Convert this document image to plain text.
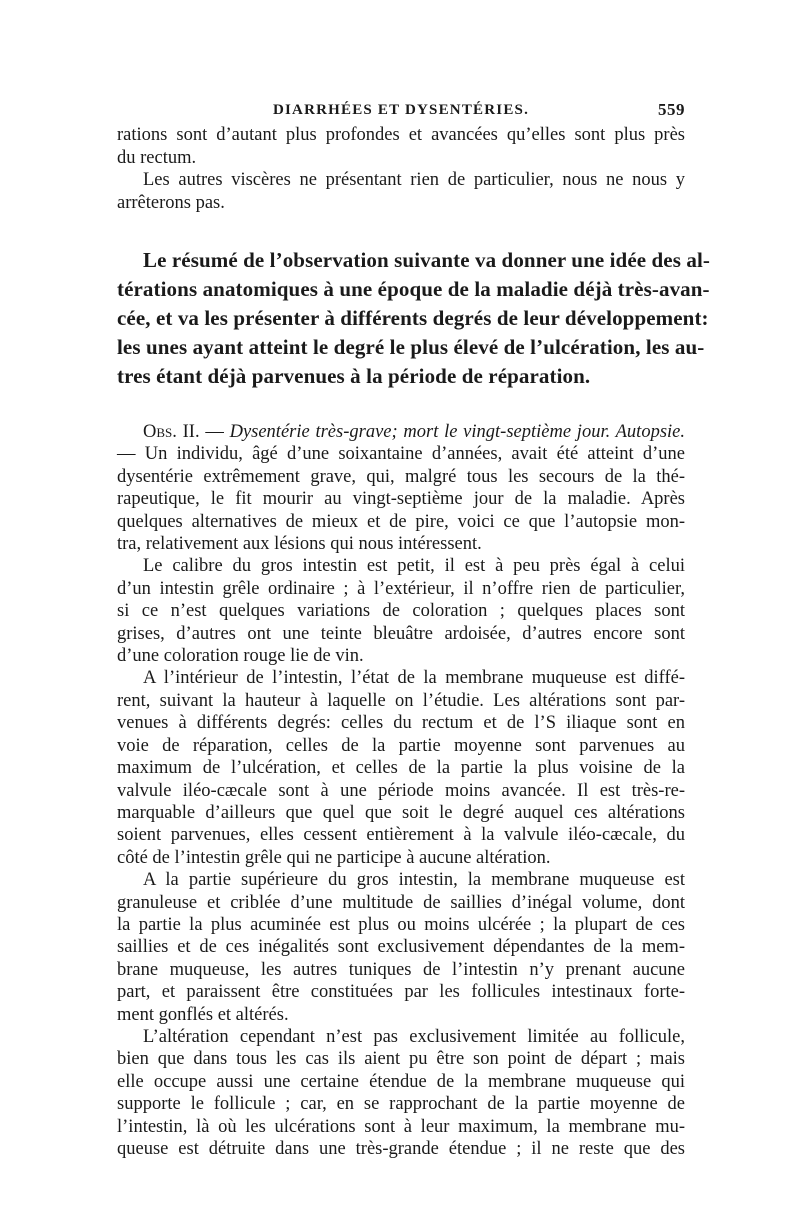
DIARRHÉES ET DYSENTÉRIES.	559
rations sont d’autant plus profondes et avancées qu’elles sont plus près
du rectum.
Les autres viscères ne présentant rien de particulier, nous ne nous y
arrêterons pas.
Le résumé de l’observation suivante va donner une idée des al-
térations anatomiques à une époque de la maladie déjà très-avan-
cée, et va les présenter à différents degrés de leur développement:
les unes ayant atteint le degré le plus élevé de l’ulcération, les au-
tres étant déjà parvenues à la période de réparation.
Obs. II. — Dysentérie très-grave; mort le vingt-septième jour. Autopsie.
— Un individu, âgé d’une soixantaine d’années, avait été atteint d’une
dysentérie extrêmement grave, qui, malgré tous les secours de la thé-
rapeutique, le fit mourir au vingt-septième jour de la maladie. Après
quelques alternatives de mieux et de pire, voici ce que l’autopsie mon-
tra, relativement aux lésions qui nous intéressent.
Le calibre du gros intestin est petit, il est à peu près égal à celui
d’un intestin grêle ordinaire ; à l’extérieur, il n’offre rien de particulier,
si ce n’est quelques variations de coloration ; quelques places sont
grises, d’autres ont une teinte bleuâtre ardoisée, d’autres encore sont
d’une coloration rouge lie de vin.
A l’intérieur de l’intestin, l’état de la membrane muqueuse est diffé-
rent, suivant la hauteur à laquelle on l’étudie. Les altérations sont par-
venues à différents degrés: celles du rectum et de l’S iliaque sont en
voie de réparation, celles de la partie moyenne sont parvenues au
maximum de l’ulcération, et celles de la partie la plus voisine de la
valvule iléo-cæcale sont à une période moins avancée. Il est très-re-
marquable d’ailleurs que quel que soit le degré auquel ces altérations
soient parvenues, elles cessent entièrement à la valvule iléo-cæcale, du
côté de l’intestin grêle qui ne participe à aucune altération.
A la partie supérieure du gros intestin, la membrane muqueuse est
granuleuse et criblée d’une multitude de saillies d’inégal volume, dont
la partie la plus acuminée est plus ou moins ulcérée ; la plupart de ces
saillies et de ces inégalités sont exclusivement dépendantes de la mem-
brane muqueuse, les autres tuniques de l’intestin n’y prenant aucune
part, et paraissent être constituées par les follicules intestinaux forte-
ment gonflés et altérés.
L’altération cependant n’est pas exclusivement limitée au follicule,
bien que dans tous les cas ils aient pu être son point de départ ; mais
elle occupe aussi une certaine étendue de la membrane muqueuse qui
supporte le follicule ; car, en se rapprochant de la partie moyenne de
l’intestin, là où les ulcérations sont à leur maximum, la membrane mu-
queuse est détruite dans une très-grande étendue ; il ne reste que des
